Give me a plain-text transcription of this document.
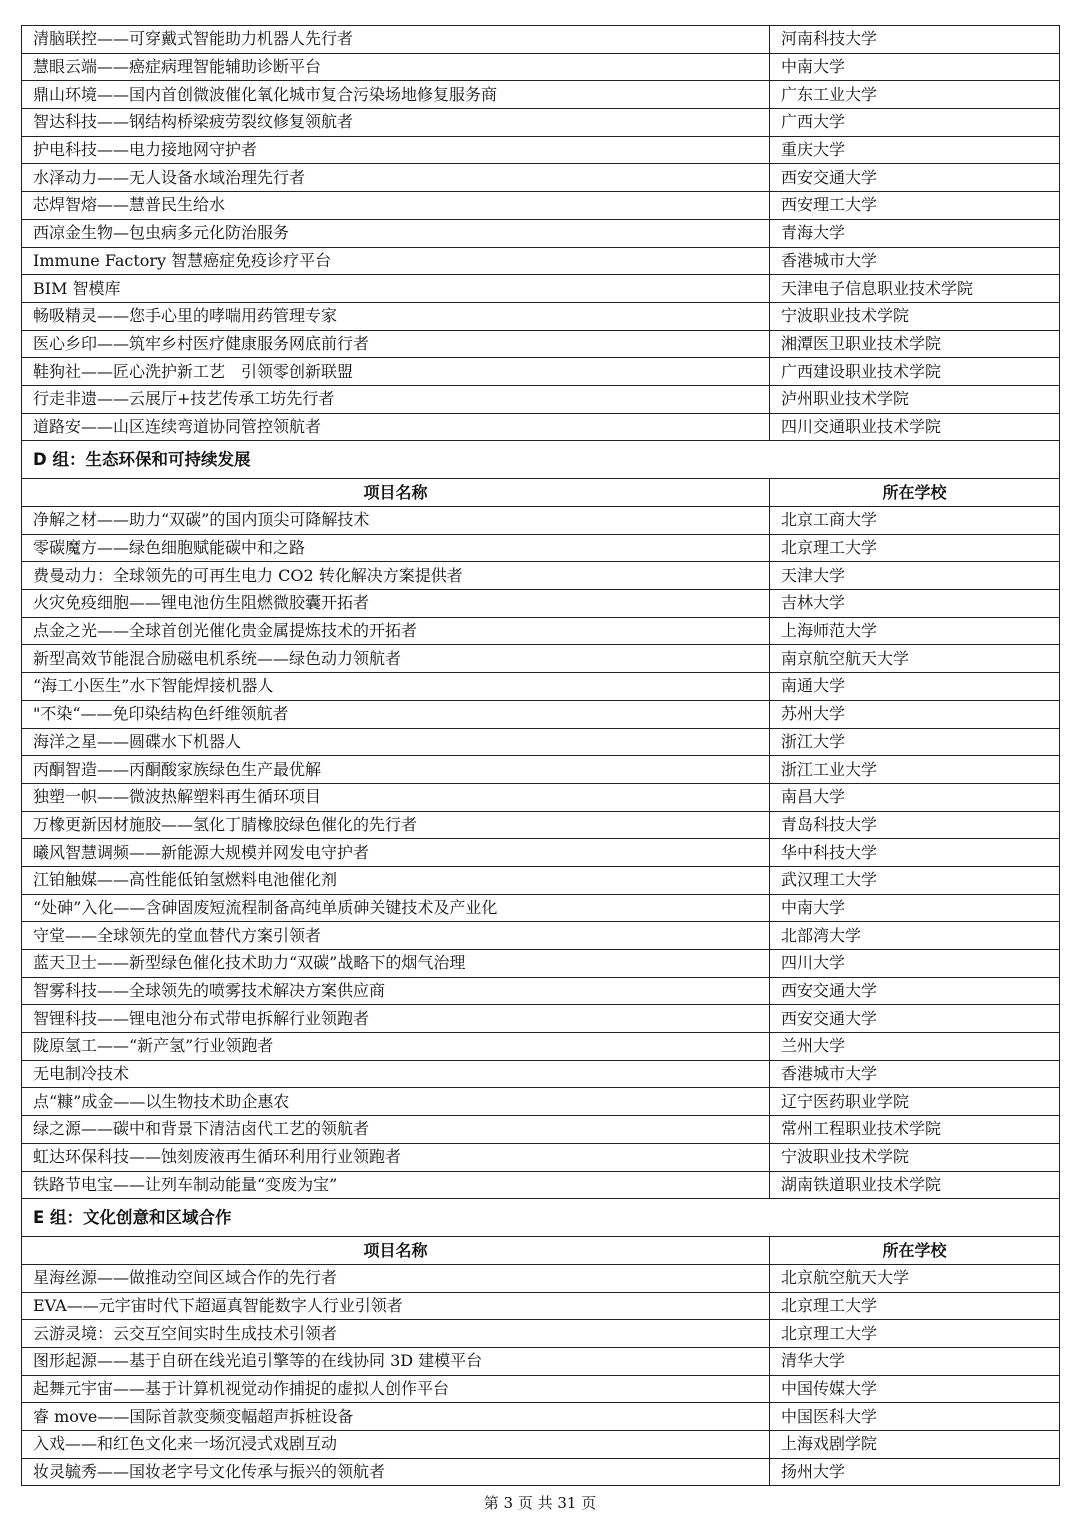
清脑联控——可穿戴式智能助力机器人先行者	河南科技大学
慧眼云端——癌症病理智能辅助诊断平台	中南大学
鼎山环境——国内首创微波催化氧化城市复合污染场地修复服务商	广东工业大学
智达科技——钢结构桥梁疲劳裂纹修复领航者	广西大学
护电科技——电力接地网守护者	重庆大学
水泽动力——无人设备水域治理先行者	西安交通大学
芯焊智熔——慧普民生给水	西安理工大学
西凉金生物—包虫病多元化防治服务	青海大学
Immune Factory 智慧癌症免疫诊疗平台	香港城市大学
BIM 智模库	天津电子信息职业技术学院
畅吸精灵——您手心里的哮喘用药管理专家	宁波职业技术学院
医心乡印——筑牢乡村医疗健康服务网底前行者	湘潭医卫职业技术学院
鞋狗社——匠心洗护新工艺　引领零创新联盟	广西建设职业技术学院
行走非遗——云展厅+技艺传承工坊先行者	泸州职业技术学院
道路安——山区连续弯道协同管控领航者	四川交通职业技术学院
D 组：生态环保和可持续发展	
项目名称	所在学校
净解之材——助力“双碳”的国内顶尖可降解技术	北京工商大学
零碳魔方——绿色细胞赋能碳中和之路	北京理工大学
费曼动力：全球领先的可再生电力 CO2 转化解决方案提供者	天津大学
火灾免疫细胞——锂电池仿生阻燃微胶囊开拓者	吉林大学
点金之光——全球首创光催化贵金属提炼技术的开拓者	上海师范大学
新型高效节能混合励磁电机系统——绿色动力领航者	南京航空航天大学
“海工小医生”水下智能焊接机器人	南通大学
"不染“——免印染结构色纤维领航者	苏州大学
海洋之星——圆碟水下机器人	浙江大学
丙酮智造——丙酮酸家族绿色生产最优解	浙江工业大学
独塑一帜——微波热解塑料再生循环项目	南昌大学
万橡更新因材施胶——氢化丁腈橡胶绿色催化的先行者	青岛科技大学
曦风智慧调频——新能源大规模并网发电守护者	华中科技大学
江铂触媒——高性能低铂氢燃料电池催化剂	武汉理工大学
“处砷”入化——含砷固废短流程制备高纯单质砷关键技术及产业化	中南大学
守堂——全球领先的堂血替代方案引领者	北部湾大学
蓝天卫士——新型绿色催化技术助力“双碳”战略下的烟气治理	四川大学
智雾科技——全球领先的喷雾技术解决方案供应商	西安交通大学
智锂科技——锂电池分布式带电拆解行业领跑者	西安交通大学
陇原氢工——“新产氢”行业领跑者	兰州大学
无电制冷技术	香港城市大学
点“糠”成金——以生物技术助企惠农	辽宁医药职业学院
绿之源——碳中和背景下清洁卤代工艺的领航者	常州工程职业技术学院
虹达环保科技——蚀刻废液再生循环利用行业领跑者	宁波职业技术学院
铁路节电宝——让列车制动能量“变废为宝”	湖南铁道职业技术学院
E 组：文化创意和区域合作	
项目名称	所在学校
星海丝源——做推动空间区域合作的先行者	北京航空航天大学
EVA——元宇宙时代下超逼真智能数字人行业引领者	北京理工大学
云游灵境：云交互空间实时生成技术引领者	北京理工大学
图形起源——基于自研在线光追引擎等的在线协同 3D 建模平台	清华大学
起舞元宇宙——基于计算机视觉动作捕捉的虚拟人创作平台	中国传媒大学
睿 move——国际首款变频变幅超声拆桩设备	中国医科大学
入戏——和红色文化来一场沉浸式戏剧互动	上海戏剧学院
妆灵毓秀——国妆老字号文化传承与振兴的领航者	扬州大学
第 3 页 共 31 页
